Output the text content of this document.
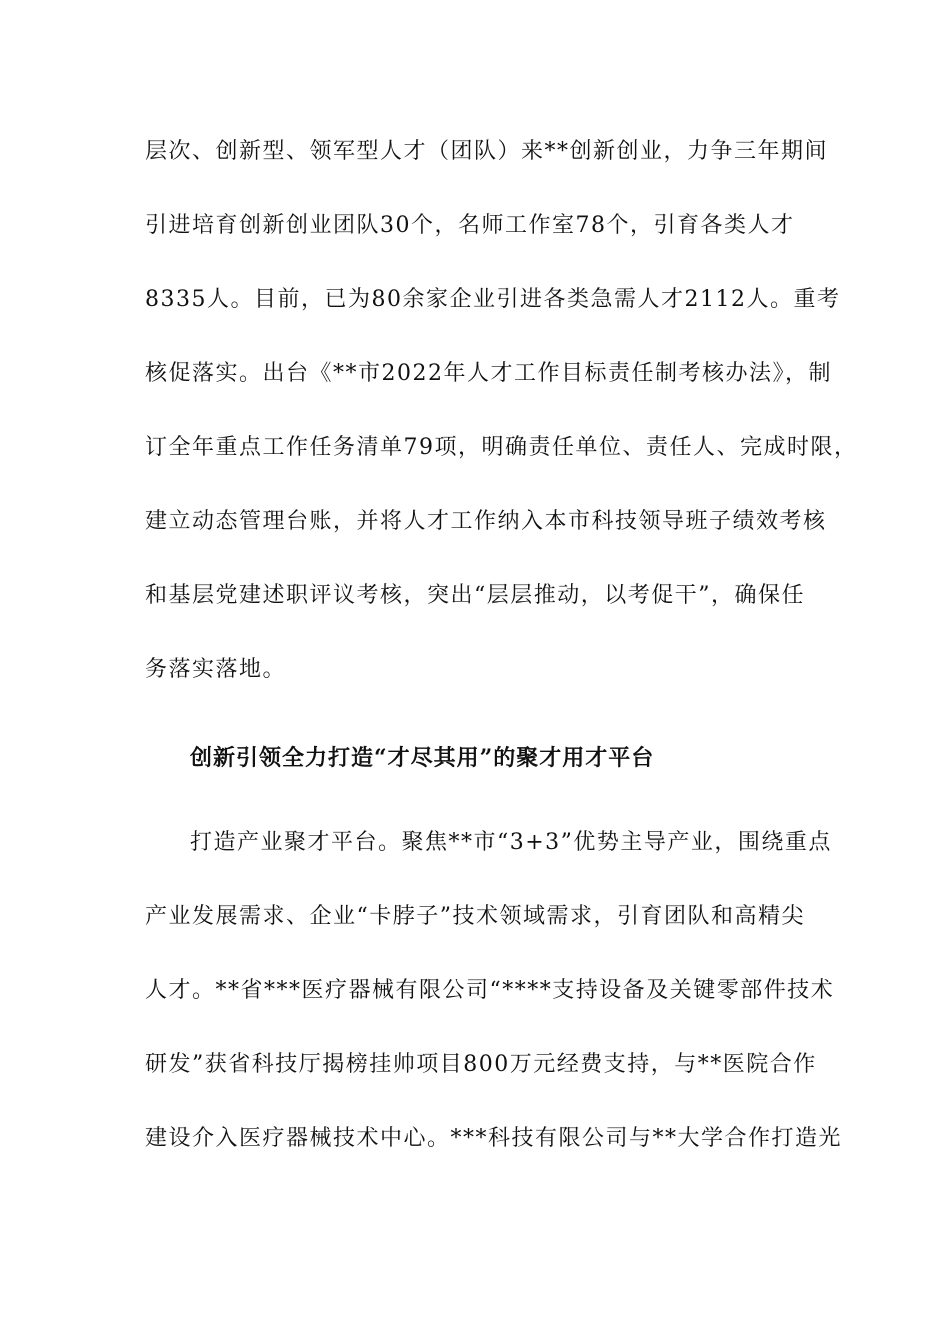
层次、创新型、领军型人才（团队）来**创新创业，力争三年期间
引进培育创新创业团队30个，名师工作室78个，引育各类人才
8335人。目前，已为80余家企业引进各类急需人才2112人。重考
核促落实。出台《**市2022年人才工作目标责任制考核办法》，制
订全年重点工作任务清单79项，明确责任单位、责任人、完成时限，
建立动态管理台账，并将人才工作纳入本市科技领导班子绩效考核
和基层党建述职评议考核，突出“层层推动，以考促干”，确保任
务落实落地。
创新引领全力打造“才尽其用”的聚才用才平台
打造产业聚才平台。聚焦**市“3+3”优势主导产业，围绕重点
产业发展需求、企业“卡脖子”技术领域需求，引育团队和高精尖
人才。**省***医疗器械有限公司“****支持设备及关键零部件技术
研发”获省科技厅揭榜挂帅项目800万元经费支持，与**医院合作
建设介入医疗器械技术中心。***科技有限公司与**大学合作打造光
